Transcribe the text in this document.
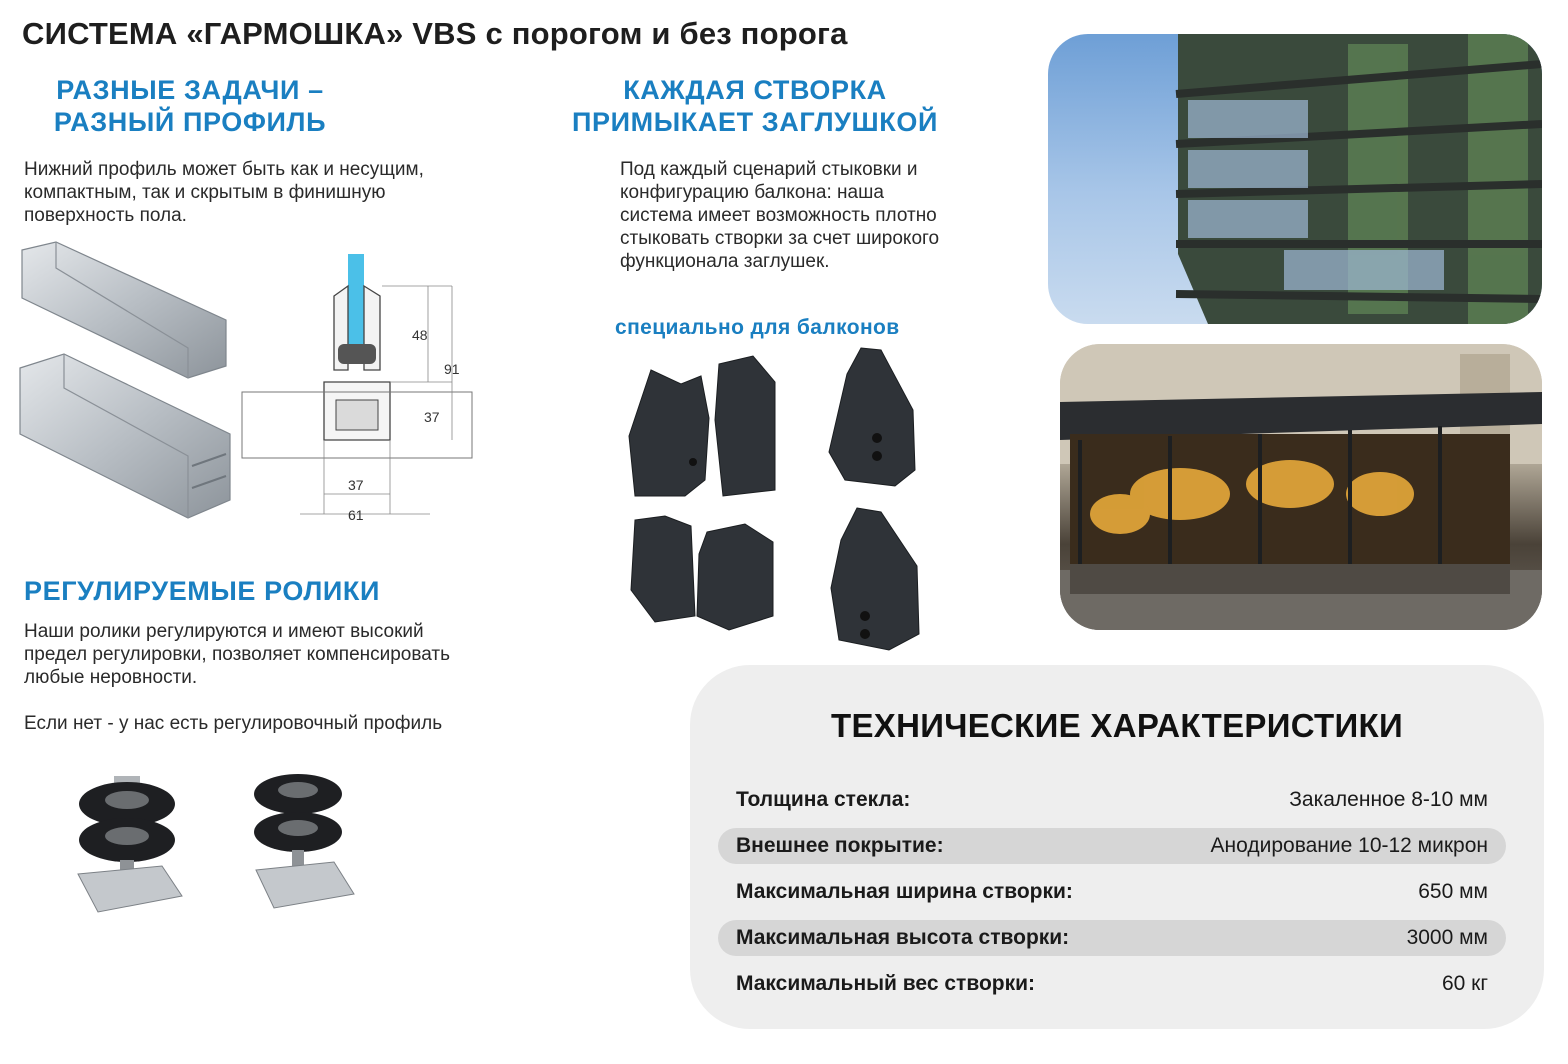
СИСТЕМА «ГАРМОШКА» VBS с порогом и без порога
РАЗНЫЕ ЗАДАЧИ –
РАЗНЫЙ ПРОФИЛЬ
Нижний профиль может быть как и несущим, компактным, так и скрытым в финишную поверхность пола.
48
91
37
37
61
КАЖДАЯ СТВОРКА
ПРИМЫКАЕТ ЗАГЛУШКОЙ
Под каждый сценарий стыковки и конфигурацию балкона: наша система имеет возможность плотно стыковать створки за счет широкого функционала заглушек.
специально для балконов
РЕГУЛИРУЕМЫЕ РОЛИКИ
Наши ролики регулируются и имеют высокий предел регулировки, позволяет компенсировать любые неровности.
Если нет - у нас есть регулировочный профиль	ТЕХНИЧЕСКИЕ ХАРАКТЕРИСТИКИ
Толщина стекла:	Закаленное 8-10 мм
Внешнее покрытие:	Анодирование 10-12 микрон
Максимальная ширина створки:	650 мм
Максимальная высота створки:	3000 мм
Максимальный вес створки:	60 кг
